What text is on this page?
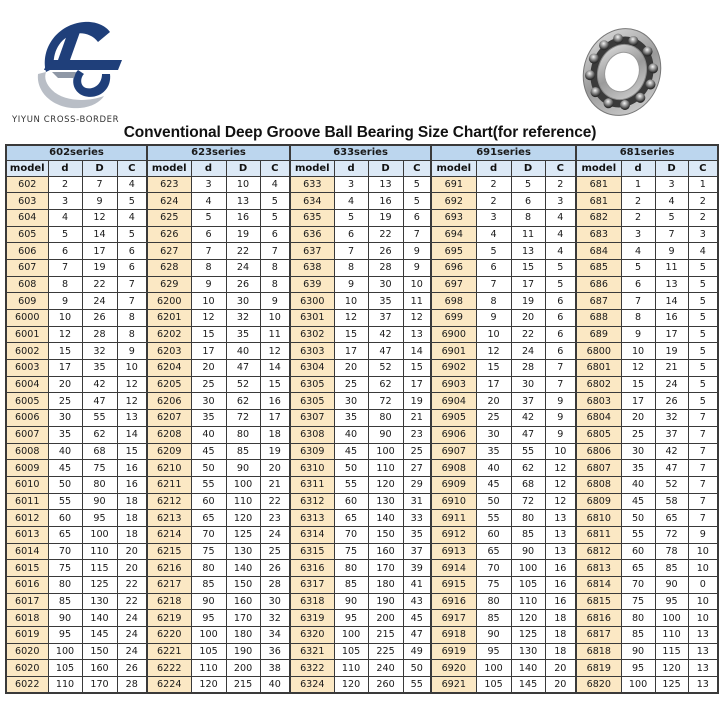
YIYUN CROSS-BORDER
Conventional Deep Groove Ball Bearing Size Chart(for reference)
602series				623series				633series				691series				681series			
model	d	D	C	model	d	D	C	model	d	D	C	model	d	D	C	model	d	D	C
602	2	7	4	623	3	10	4	633	3	13	5	691	2	5	2	681	1	3	1
603	3	9	5	624	4	13	5	634	4	16	5	692	2	6	3	681	2	4	2
604	4	12	4	625	5	16	5	635	5	19	6	693	3	8	4	682	2	5	2
605	5	14	5	626	6	19	6	636	6	22	7	694	4	11	4	683	3	7	3
606	6	17	6	627	7	22	7	637	7	26	9	695	5	13	4	684	4	9	4
607	7	19	6	628	8	24	8	638	8	28	9	696	6	15	5	685	5	11	5
608	8	22	7	629	9	26	8	639	9	30	10	697	7	17	5	686	6	13	5
609	9	24	7	6200	10	30	9	6300	10	35	11	698	8	19	6	687	7	14	5
6000	10	26	8	6201	12	32	10	6301	12	37	12	699	9	20	6	688	8	16	5
6001	12	28	8	6202	15	35	11	6302	15	42	13	6900	10	22	6	689	9	17	5
6002	15	32	9	6203	17	40	12	6303	17	47	14	6901	12	24	6	6800	10	19	5
6003	17	35	10	6204	20	47	14	6304	20	52	15	6902	15	28	7	6801	12	21	5
6004	20	42	12	6205	25	52	15	6305	25	62	17	6903	17	30	7	6802	15	24	5
6005	25	47	12	6206	30	62	16	6305	30	72	19	6904	20	37	9	6803	17	26	5
6006	30	55	13	6207	35	72	17	6307	35	80	21	6905	25	42	9	6804	20	32	7
6007	35	62	14	6208	40	80	18	6308	40	90	23	6906	30	47	9	6805	25	37	7
6008	40	68	15	6209	45	85	19	6309	45	100	25	6907	35	55	10	6806	30	42	7
6009	45	75	16	6210	50	90	20	6310	50	110	27	6908	40	62	12	6807	35	47	7
6010	50	80	16	6211	55	100	21	6311	55	120	29	6909	45	68	12	6808	40	52	7
6011	55	90	18	6212	60	110	22	6312	60	130	31	6910	50	72	12	6809	45	58	7
6012	60	95	18	6213	65	120	23	6313	65	140	33	6911	55	80	13	6810	50	65	7
6013	65	100	18	6214	70	125	24	6314	70	150	35	6912	60	85	13	6811	55	72	9
6014	70	110	20	6215	75	130	25	6315	75	160	37	6913	65	90	13	6812	60	78	10
6015	75	115	20	6216	80	140	26	6316	80	170	39	6914	70	100	16	6813	65	85	10
6016	80	125	22	6217	85	150	28	6317	85	180	41	6915	75	105	16	6814	70	90	0
6017	85	130	22	6218	90	160	30	6318	90	190	43	6916	80	110	16	6815	75	95	10
6018	90	140	24	6219	95	170	32	6319	95	200	45	6917	85	120	18	6816	80	100	10
6019	95	145	24	6220	100	180	34	6320	100	215	47	6918	90	125	18	6817	85	110	13
6020	100	150	24	6221	105	190	36	6321	105	225	49	6919	95	130	18	6818	90	115	13
6020	105	160	26	6222	110	200	38	6322	110	240	50	6920	100	140	20	6819	95	120	13
6022	110	170	28	6224	120	215	40	6324	120	260	55	6921	105	145	20	6820	100	125	13
